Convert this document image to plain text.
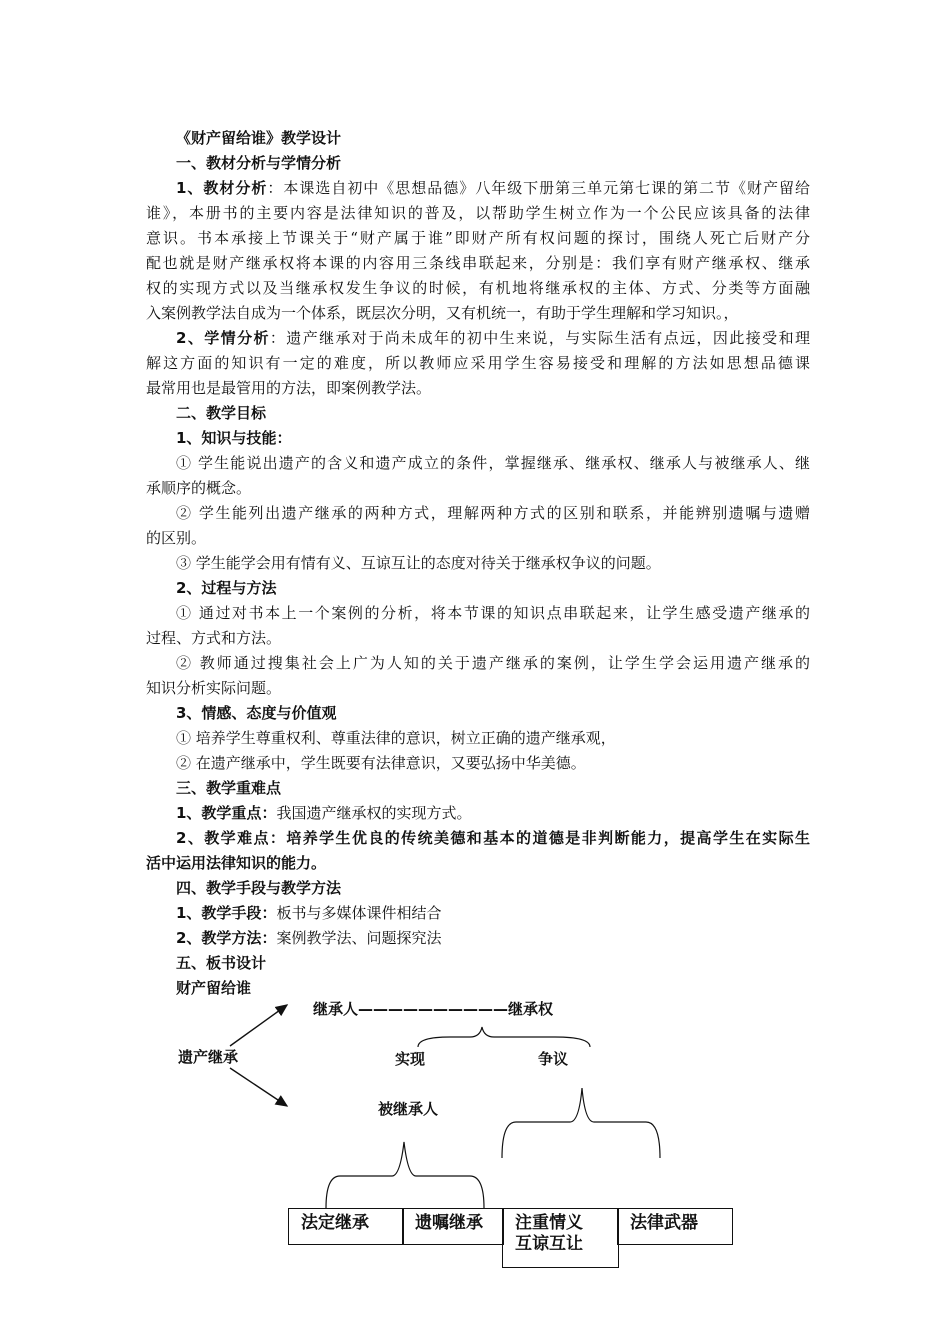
《财产留给谁》教学设计
一、教材分析与学情分析
1、教材分析：本课选自初中《思想品德》八年级下册第三单元第七课的第二节《财产留给
谁》，本册书的主要内容是法律知识的普及，以帮助学生树立作为一个公民应该具备的法律
意识。书本承接上节课关于“财产属于谁”即财产所有权问题的探讨，围绕人死亡后财产分
配也就是财产继承权将本课的内容用三条线串联起来，分别是：我们享有财产继承权、继承
权的实现方式以及当继承权发生争议的时候，有机地将继承权的主体、方式、分类等方面融
入案例教学法自成为一个体系，既层次分明，又有机统一，有助于学生理解和学习知识。，
2、学情分析：遗产继承对于尚未成年的初中生来说，与实际生活有点远，因此接受和理
解这方面的知识有一定的难度，所以教师应采用学生容易接受和理解的方法如思想品德课
最常用也是最管用的方法，即案例教学法。
二、教学目标
1、知识与技能：
① 学生能说出遗产的含义和遗产成立的条件，掌握继承、继承权、继承人与被继承人、继
承顺序的概念。
② 学生能列出遗产继承的两种方式，理解两种方式的区别和联系，并能辨别遗嘱与遗赠
的区别。
③ 学生能学会用有情有义、互谅互让的态度对待关于继承权争议的问题。
2、过程与方法
① 通过对书本上一个案例的分析，将本节课的知识点串联起来，让学生感受遗产继承的
过程、方式和方法。
② 教师通过搜集社会上广为人知的关于遗产继承的案例，让学生学会运用遗产继承的
知识分析实际问题。
3、情感、态度与价值观
① 培养学生尊重权利、尊重法律的意识，树立正确的遗产继承观，
② 在遗产继承中，学生既要有法律意识，又要弘扬中华美德。
三、教学重难点
1、教学重点：我国遗产继承权的实现方式。
2、教学难点：培养学生优良的传统美德和基本的道德是非判断能力，提高学生在实际生
活中运用法律知识的能力。
四、教学手段与教学方法
1、教学手段：板书与多媒体课件相结合
2、教学方法：案例教学法、问题探究法
五、板书设计
财产留给谁
遗产继承
继承人——————————继承权
实现	争议
被继承人
法定继承	遗嘱继承	注重情义
互谅互让
法律武器
